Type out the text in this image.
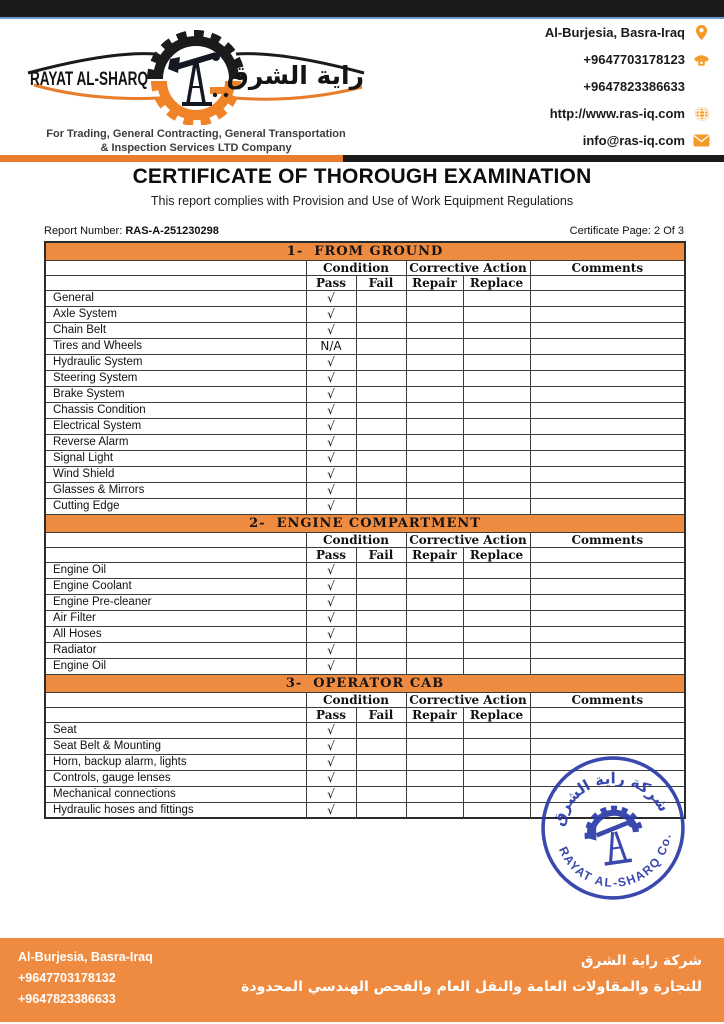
RAYAT AL-SHARQ	راية الشرق
For Trading, General Contracting, General Transportation
& Inspection Services LTD Company
Al-Burjesia, Basra-Iraq
+9647703178123
+9647823386633
http://www.ras-iq.com
info@ras-iq.com
CERTIFICATE OF THOROUGH EXAMINATION
This report complies with Provision and Use of Work Equipment Regulations
Report Number: RAS-A-251230298	Certificate Page: 2 Of 3
1-  FROM GROUND					
	Condition		Corrective Action		Comments
	Pass	Fail	Repair	Replace	
General	√				
Axle System	√				
Chain Belt	√				
Tires and Wheels	N/A				
Hydraulic System	√				
Steering System	√				
Brake System	√				
Chassis Condition	√				
Electrical System	√				
Reverse Alarm	√				
Signal Light	√				
Wind Shield	√				
Glasses & Mirrors	√				
Cutting Edge	√				
2-  ENGINE COMPARTMENT					
	Condition		Corrective Action		Comments
	Pass	Fail	Repair	Replace	
Engine Oil	√				
Engine Coolant	√				
Engine Pre-cleaner	√				
Air Filter	√				
All Hoses	√				
Radiator	√				
Engine Oil	√				
3-  OPERATOR CAB					
	Condition		Corrective Action		Comments
	Pass	Fail	Repair	Replace	
Seat	√				
Seat Belt & Mounting	√				
Horn, backup alarm, lights	√				
Controls, gauge lenses	√				
Mechanical connections	√				
Hydraulic hoses and fittings	√				
شركة راية الشرق
RAYAT AL-SHARQ Co.
Al-Burjesia, Basra-Iraq
+9647703178132
+9647823386633
شركة راية الشرق
للتجارة والمقاولات العامة والنقل العام والفحص الهندسي المحدودة
